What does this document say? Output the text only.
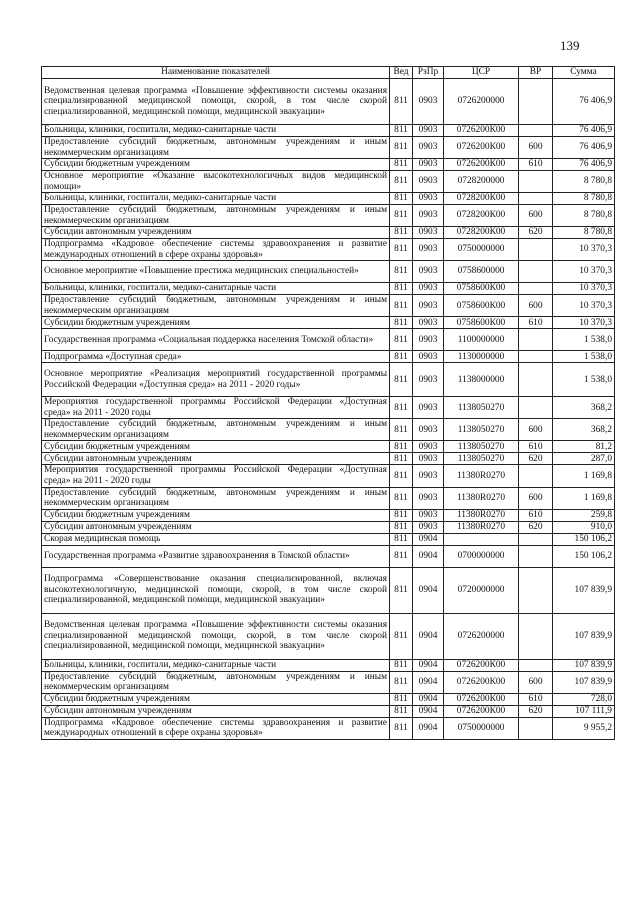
139
Наименование показателей	Вед	РзПр	ЦСР	ВР	Сумма
Ведомственная целевая программа «Повышение эффективности системы оказания специализированной медицинской помощи, скорой, в том числе скорой специализированной, медицинской помощи, медицинской эвакуации»	811	0903	0726200000		76 406,9
Больницы, клиники, госпитали, медико-санитарные части	811	0903	0726200К00		76 406,9
Предоставление субсидий бюджетным, автономным учреждениям и иным некоммерческим организациям	811	0903	0726200К00	600	76 406,9
Субсидии бюджетным учреждениям	811	0903	0726200К00	610	76 406,9
Основное мероприятие «Оказание высокотехнологичных видов медицинской помощи»	811	0903	0728200000		8 780,8
Больницы, клиники, госпитали, медико-санитарные части	811	0903	0728200К00		8 780,8
Предоставление субсидий бюджетным, автономным учреждениям и иным некоммерческим организациям	811	0903	0728200К00	600	8 780,8
Субсидии автономным учреждениям	811	0903	0728200К00	620	8 780,8
Подпрограмма «Кадровое обеспечение системы здравоохранения и развитие международных отношений в сфере охраны здоровья»	811	0903	0750000000		10 370,3
Основное мероприятие «Повышение престижа медицинских специальностей»	811	0903	0758600000		10 370,3
Больницы, клиники, госпитали, медико-санитарные части	811	0903	0758600К00		10 370,3
Предоставление субсидий бюджетным, автономным учреждениям и иным некоммерческим организациям	811	0903	0758600К00	600	10 370,3
Субсидии бюджетным учреждениям	811	0903	0758600К00	610	10 370,3
Государственная программа «Социальная поддержка населения Томской области»	811	0903	1100000000		1 538,0
Подпрограмма «Доступная среда»	811	0903	1130000000		1 538,0
Основное мероприятие «Реализация мероприятий государственной программы Российской Федерации «Доступная среда» на 2011 - 2020 годы»	811	0903	1138000000		1 538,0
Мероприятия государственной программы Российской Федерации «Доступная среда» на 2011 - 2020 годы	811	0903	1138050270		368,2
Предоставление субсидий бюджетным, автономным учреждениям и иным некоммерческим организациям	811	0903	1138050270	600	368,2
Субсидии бюджетным учреждениям	811	0903	1138050270	610	81,2
Субсидии автономным учреждениям	811	0903	1138050270	620	287,0
Мероприятия государственной программы Российской Федерации «Доступная среда» на 2011 - 2020 годы	811	0903	11380R0270		1 169,8
Предоставление субсидий бюджетным, автономным учреждениям и иным некоммерческим организациям	811	0903	11380R0270	600	1 169,8
Субсидии бюджетным учреждениям	811	0903	11380R0270	610	259,8
Субсидии автономным учреждениям	811	0903	11380R0270	620	910,0
Скорая медицинская помощь	811	0904			150 106,2
Государственная программа «Развитие здравоохранения в Томской области»	811	0904	0700000000		150 106,2
Подпрограмма «Совершенствование оказания специализированной, включая высокотехнологичную, медицинской помощи, скорой, в том числе скорой специализированной, медицинской помощи, медицинской эвакуации»	811	0904	0720000000		107 839,9
Ведомственная целевая программа «Повышение эффективности системы оказания специализированной медицинской помощи, скорой, в том числе скорой специализированной, медицинской помощи, медицинской эвакуации»	811	0904	0726200000		107 839,9
Больницы, клиники, госпитали, медико-санитарные части	811	0904	0726200К00		107 839,9
Предоставление субсидий бюджетным, автономным учреждениям и иным некоммерческим организациям	811	0904	0726200К00	600	107 839,9
Субсидии бюджетным учреждениям	811	0904	0726200К00	610	728,0
Субсидии автономным учреждениям	811	0904	0726200К00	620	107 111,9
Подпрограмма «Кадровое обеспечение системы здравоохранения и развитие международных отношений в сфере охраны здоровья»	811	0904	0750000000		9 955,2
